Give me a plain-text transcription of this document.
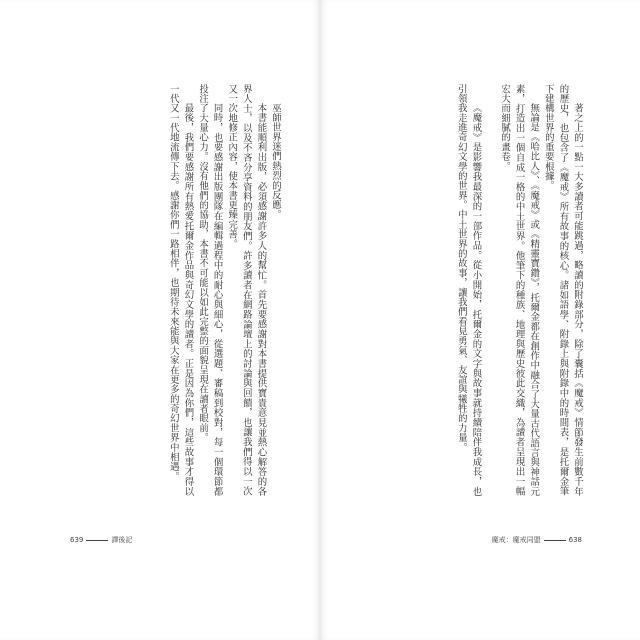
巫師世界迷們熱烈的反應。

本書能順利出版，必須感謝許多人的幫忙。首先要感謝對本書提供寶貴意見並熱心解答的各界人士，以及不吝分享資料的朋友們。許多讀者在網路論壇上的討論與回饋，也讓我們得以一次又一次地修正內容，使本書更臻完善。

同時，也要感謝出版團隊在編輯過程中的耐心與細心，從選題、審稿到校對，每一個環節都投注了大量心力。沒有他們的協助，本書不可能以如此完整的面貌呈現在讀者眼前。

最後，我們要感謝所有熱愛托爾金作品與奇幻文學的讀者。正是因為你們，這些故事才得以一代又一代地流傳下去。感謝你們一路相伴，也期待未來能與大家在更多的奇幻世界中相遇。

639	譯後記

著之上的一點一大多讀者可能跳過，略讀的附錄部分，除了囊括《魔戒》情節發生前數千年的歷史，也包含了《魔戒》所有故事的核心。諸如語學、附錄上與附錄中的時間表，是托爾金筆下建構世界的重要根據。

無論是《哈比人》、《魔戒》或《精靈寶鑽》，托爾金都在創作中融合了大量古代語言與神話元素，打造出一個自成一格的中土世界。他筆下的種族、地理與歷史彼此交織，為讀者呈現出一幅宏大而細膩的畫卷。

《魔戒》是影響我最深的一部作品。從小開始，托爾金的文字與故事就持續陪伴我成長，也引領我走進奇幻文學的世界。中土世界的故事，讓我們看見勇氣、友誼與犧牲的力量。

魔戒：魔戒同盟	638
